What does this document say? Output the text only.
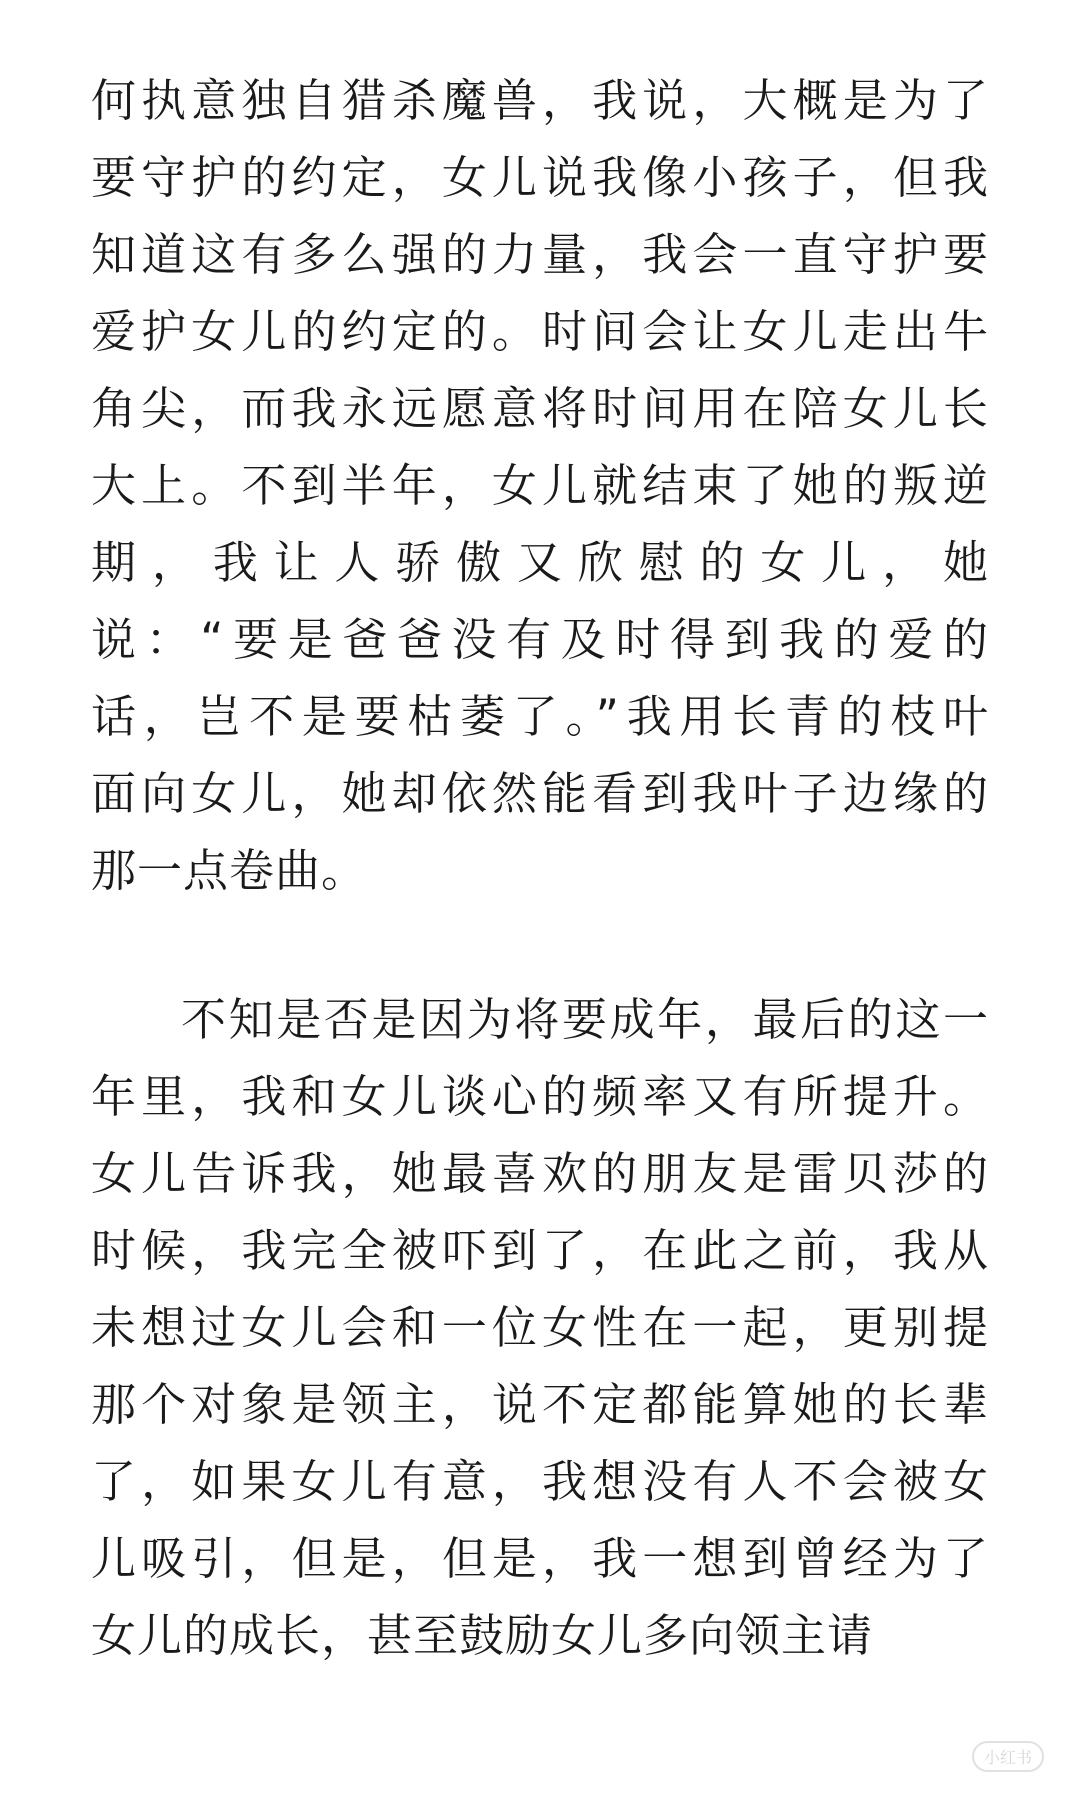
何执意独自猎杀魔兽，我说，大概是为了
要守护的约定，女儿说我像小孩子，但我
知道这有多么强的力量，我会一直守护要
爱护女儿的约定的。时间会让女儿走出牛
角尖，而我永远愿意将时间用在陪女儿长
大上。不到半年，女儿就结束了她的叛逆
期，我让人骄傲又欣慰的女儿，她
说：“要是爸爸没有及时得到我的爱的
话，岂不是要枯萎了。”我用长青的枝叶
面向女儿，她却依然能看到我叶子边缘的
那一点卷曲。
不知是否是因为将要成年，最后的这一
年里，我和女儿谈心的频率又有所提升。
女儿告诉我，她最喜欢的朋友是雷贝莎的
时候，我完全被吓到了，在此之前，我从
未想过女儿会和一位女性在一起，更别提
那个对象是领主，说不定都能算她的长辈
了，如果女儿有意，我想没有人不会被女
儿吸引，但是，但是，我一想到曾经为了
女儿的成长，甚至鼓励女儿多向领主请
小红书
